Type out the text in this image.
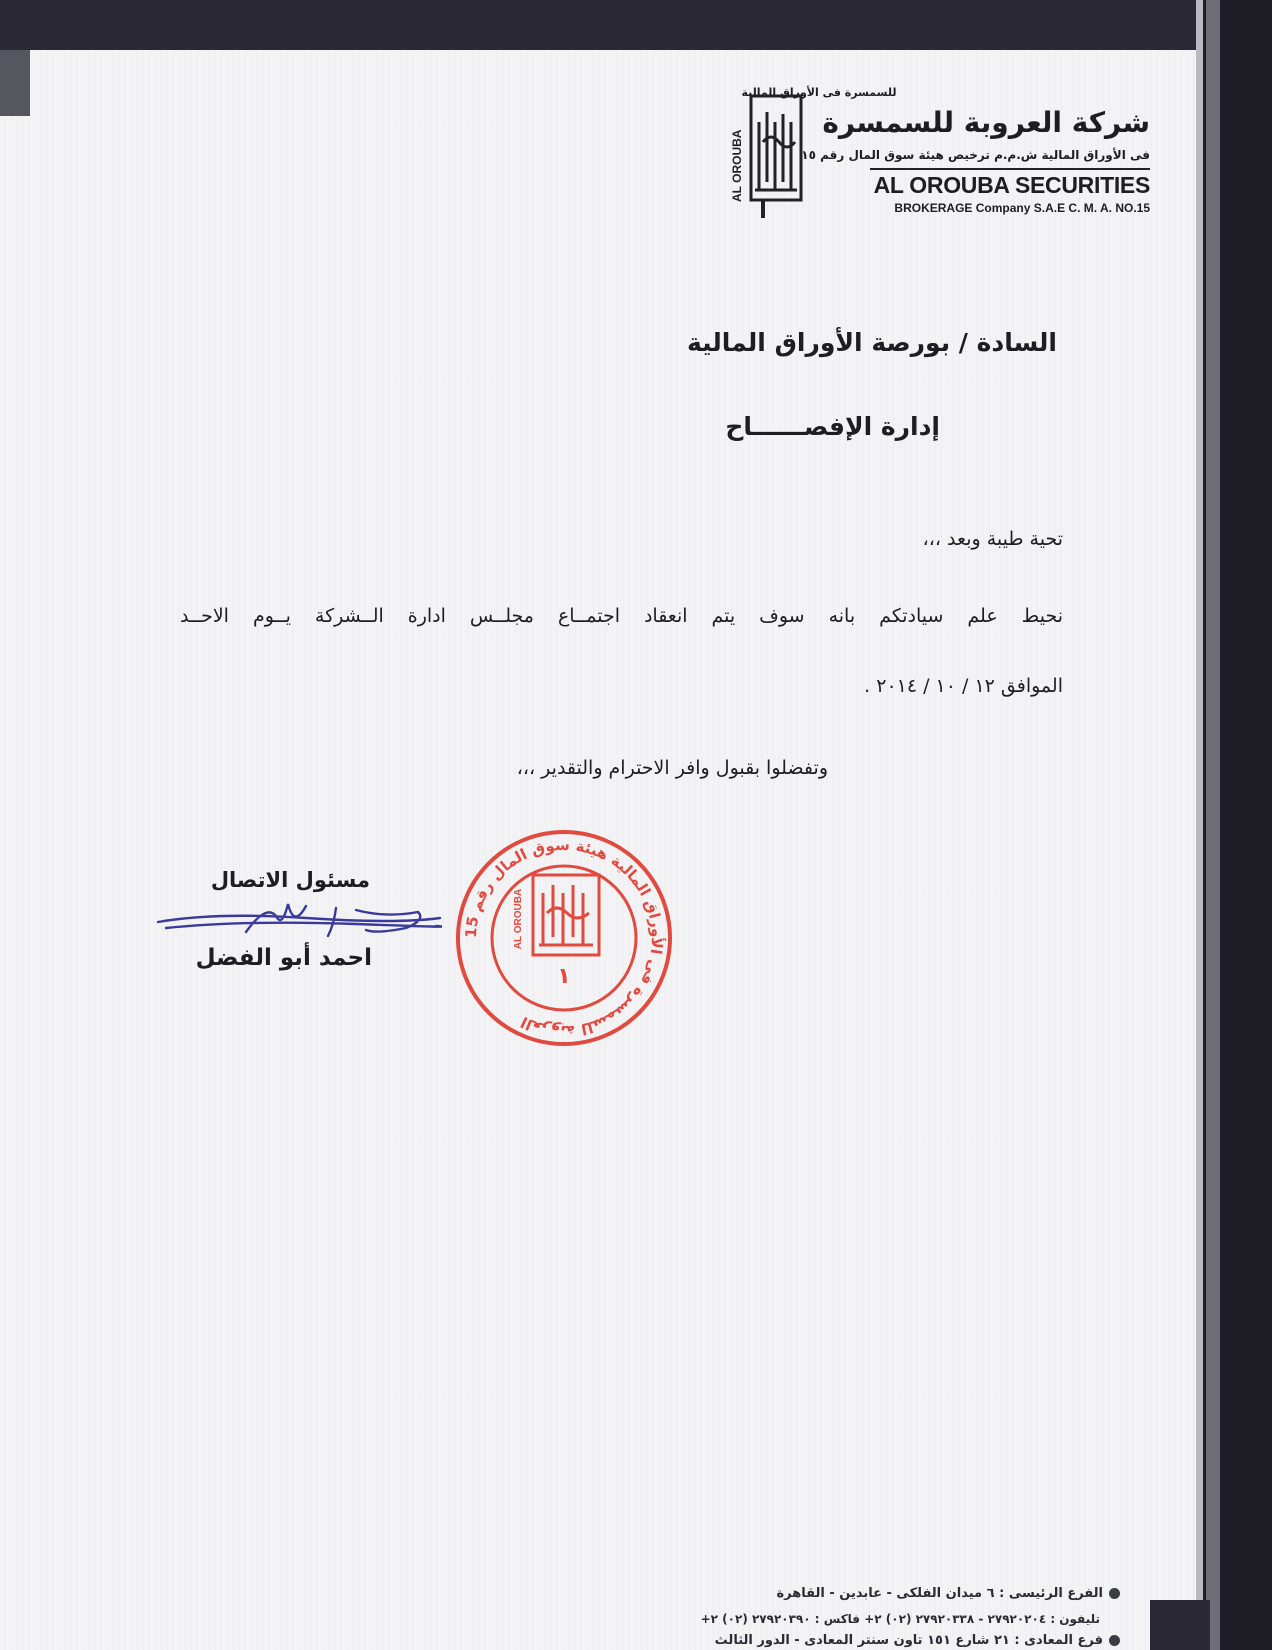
للسمسرة فى الأوراق المالية
AL OROUBA
شركة العروبة للسمسرة
فى الأوراق المالية ش.م.م ترخيص هيئة سوق المال رقم ١٥
AL OROUBA SECURITIES
BROKERAGE Company S.A.E C. M. A. NO.15
السادة / بورصة الأوراق المالية
إدارة الإفصــــــاح
تحية طيبة وبعد ،،،
نحيط علم سيادتكم بانه سوف يتم انعقاد اجتمــاع مجلــس ادارة الــشركة يــوم الاحــد
الموافق ١٢ / ١٠ / ٢٠١٤ .
وتفضلوا بقبول وافر الاحترام والتقدير ،،،
مسئول الاتصال
احمد أبو الفضل
العروبة للسمسرة فى الأوراق المالية هيئة سوق المال رقم 15
AL OROUBA
١
الفرع الرئيسى : ٦ ميدان الفلكى - عابدين - القاهرة
تليفون : ٢٧٩٢٠٢٠٤ - ٢٧٩٢٠٣٣٨ (٠٢) ٢+ فاكس : ٢٧٩٢٠٣٩٠ (٠٢) ٢+
فرع المعادى : ٢١ شارع ١٥١ تاون سنتر المعادى - الدور الثالث
